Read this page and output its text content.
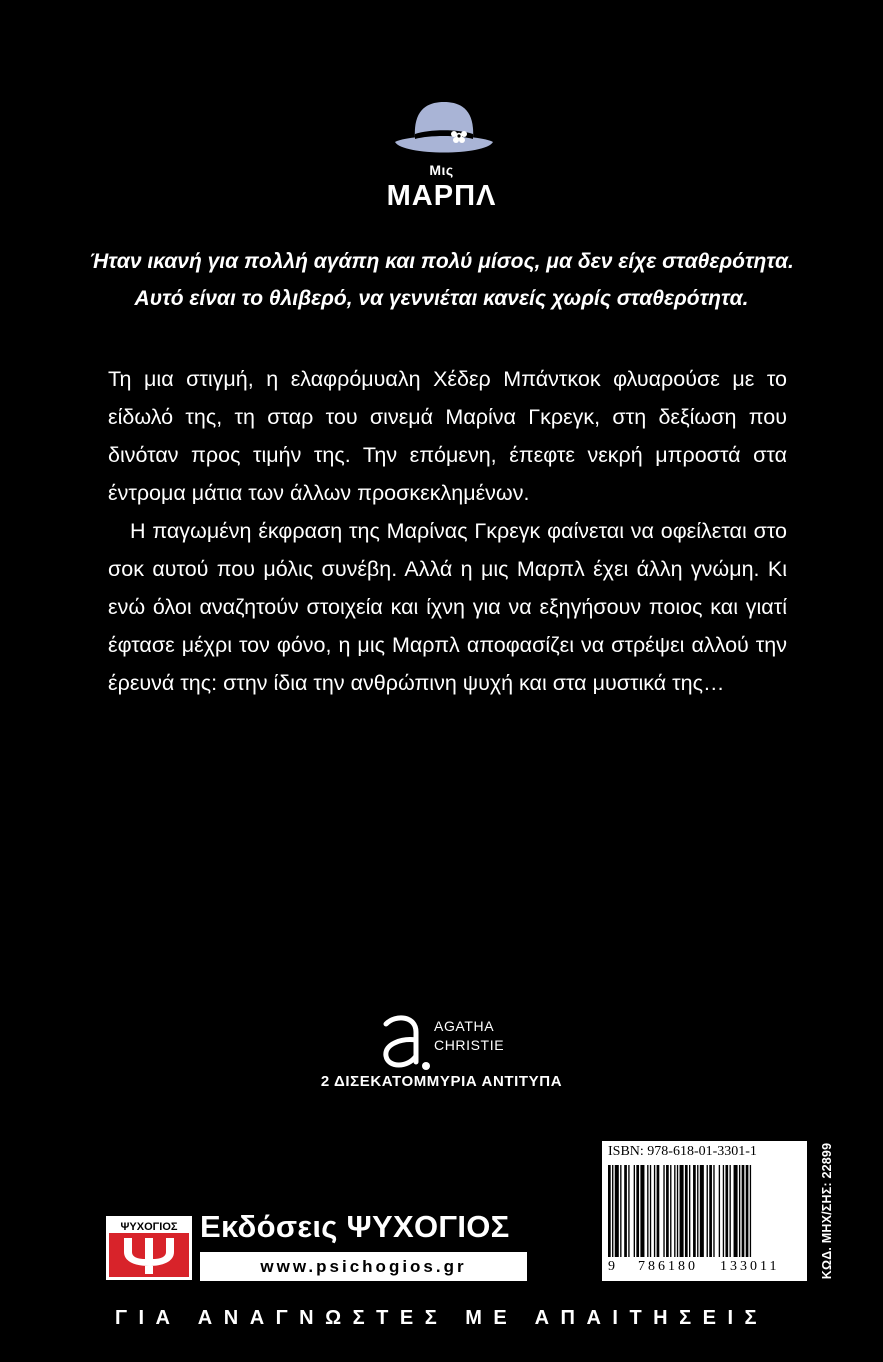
Μις
ΜΑΡΠΛ
Ήταν ικανή για πολλή αγάπη και πολύ μίσος, μα δεν είχε σταθερότητα.
Αυτό είναι το θλιβερό, να γεννιέται κανείς χωρίς σταθερότητα.

Τη μια στιγμή, η ελαφρόμυαλη Χέδερ Μπάντκοκ φλυαρούσε με το είδωλό της, τη σταρ του σινεμά Μαρίνα Γκρεγκ, στη δεξίωση που δινόταν προς τιμήν της. Την επόμενη, έπεφτε νεκρή μπροστά στα έντρομα μάτια των άλλων προσκεκλημένων.

Η παγωμένη έκφραση της Μαρίνας Γκρεγκ φαίνεται να οφείλεται στο σοκ αυτού που μόλις συνέβη. Αλλά η μις Μαρπλ έχει άλλη γνώμη. Κι ενώ όλοι αναζητούν στοιχεία και ίχνη για να εξηγήσουν ποιος και γιατί έφτασε μέχρι τον φόνο, η μις Μαρπλ αποφασίζει να στρέψει αλλού την έρευνά της: στην ίδια την ανθρώπινη ψυχή και στα μυστικά της…

AGATHA
CHRISTIE
2 ΔΙΣΕΚΑΤΟΜΜΥΡΙΑ ΑΝΤΙΤΥΠΑ
ISBN: 978-618-01-3301-1
9 786180 133011	ΚΩΔ. ΜΗΧ/ΣΗΣ: 22899
ΨΥΧΟΓΙΟΣ Εκδόσεις ΨΥΧΟΓΙΟΣ
www.psichogios.gr
ΓΙΑ ΑΝΑΓΝΩΣΤΕΣ ΜΕ ΑΠΑΙΤΗΣΕΙΣ
